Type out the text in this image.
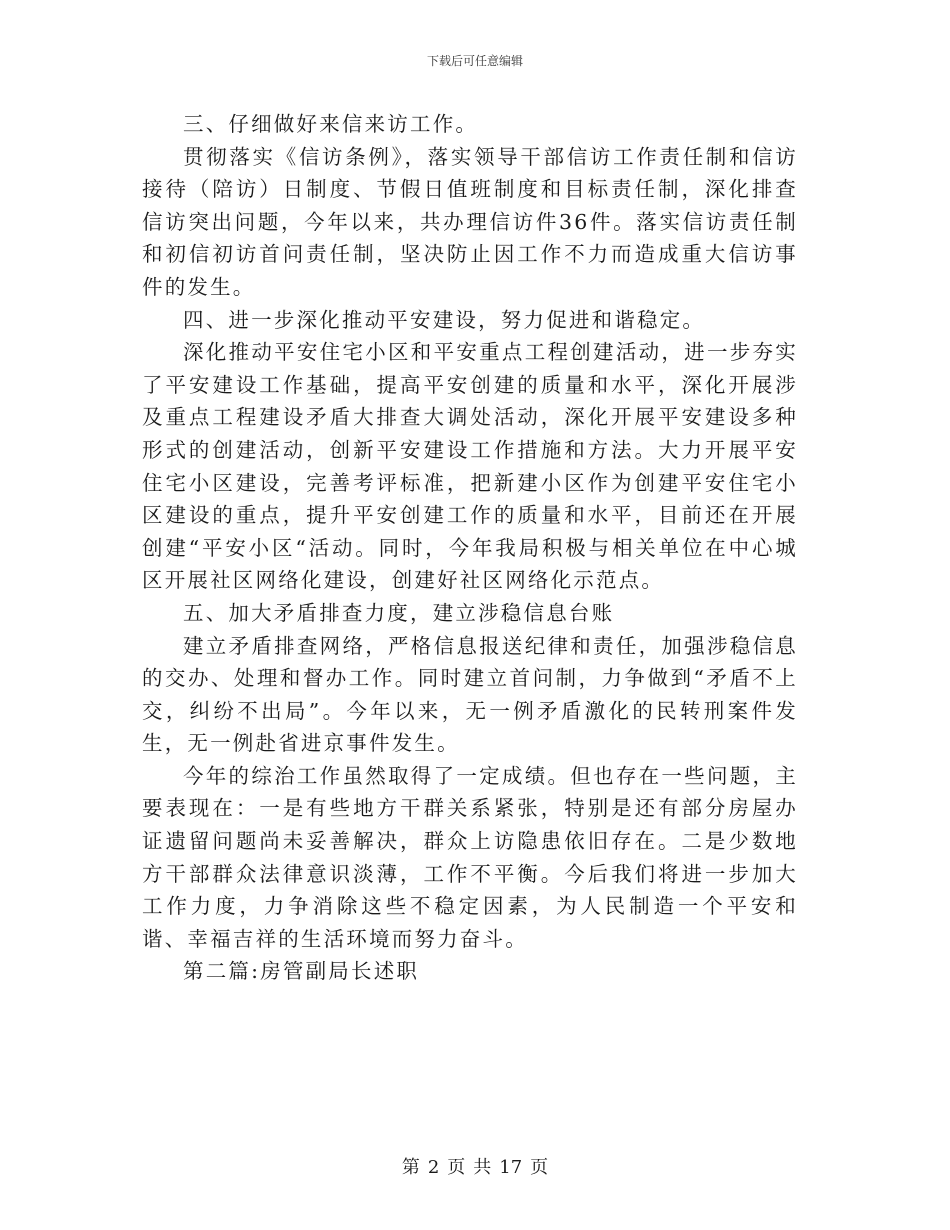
下载后可任意编辑

三、仔细做好来信来访工作。

贯彻落实《信访条例》，落实领导干部信访工作责任制和信访接待（陪访）日制度、节假日值班制度和目标责任制，深化排查信访突出问题，今年以来，共办理信访件36件。落实信访责任制和初信初访首问责任制，坚决防止因工作不力而造成重大信访事件的发生。

四、进一步深化推动平安建设，努力促进和谐稳定。

深化推动平安住宅小区和平安重点工程创建活动，进一步夯实了平安建设工作基础，提高平安创建的质量和水平，深化开展涉及重点工程建设矛盾大排查大调处活动，深化开展平安建设多种形式的创建活动，创新平安建设工作措施和方法。大力开展平安住宅小区建设，完善考评标准，把新建小区作为创建平安住宅小区建设的重点，提升平安创建工作的质量和水平，目前还在开展创建“平安小区“活动。同时，今年我局积极与相关单位在中心城区开展社区网络化建设，创建好社区网络化示范点。

五、加大矛盾排查力度，建立涉稳信息台账

建立矛盾排查网络，严格信息报送纪律和责任，加强涉稳信息的交办、处理和督办工作。同时建立首问制，力争做到“矛盾不上交，纠纷不出局”。今年以来，无一例矛盾激化的民转刑案件发生，无一例赴省进京事件发生。

今年的综治工作虽然取得了一定成绩。但也存在一些问题，主要表现在：一是有些地方干群关系紧张，特别是还有部分房屋办证遗留问题尚未妥善解决，群众上访隐患依旧存在。二是少数地方干部群众法律意识淡薄，工作不平衡。今后我们将进一步加大工作力度，力争消除这些不稳定因素，为人民制造一个平安和谐、幸福吉祥的生活环境而努力奋斗。

第二篇:房管副局长述职

第 2 页 共 17 页
